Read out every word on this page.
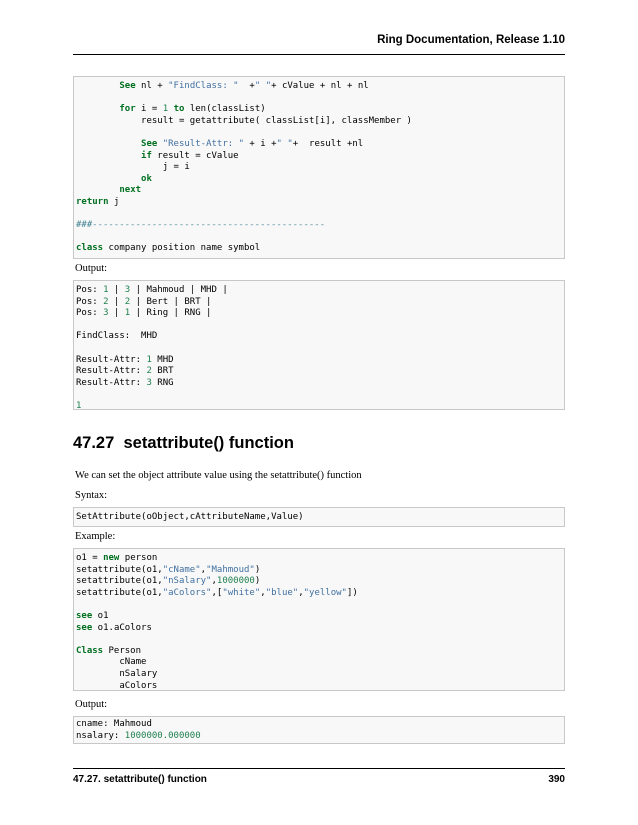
Ring Documentation, Release 1.10
See nl + "FindClass: "  +" "+ cValue + nl + nl

for i = 1 to len(classList)
result = getattribute( classList[i], classMember )

See "Result-Attr: " + i +" "+  result +nl
if result = cValue
j = i
ok
next
return j

###-------------------------------------------

class company position name symbol
Output:
Pos: 1 | 3 | Mahmoud | MHD |
Pos: 2 | 2 | Bert | BRT |
Pos: 3 | 1 | Ring | RNG |

FindClass:  MHD

Result-Attr: 1 MHD
Result-Attr: 2 BRT
Result-Attr: 3 RNG

1
47.27 setattribute() function
We can set the object attribute value using the setattribute() function
Syntax:
SetAttribute(oObject,cAttributeName,Value)
Example:
o1 = new person
setattribute(o1,"cName","Mahmoud")
setattribute(o1,"nSalary",1000000)
setattribute(o1,"aColors",["white","blue","yellow"])

see o1
see o1.aColors

Class Person
cName
nSalary
aColors
Output:
cname: Mahmoud
nsalary: 1000000.000000
47.27. setattribute() function	390
